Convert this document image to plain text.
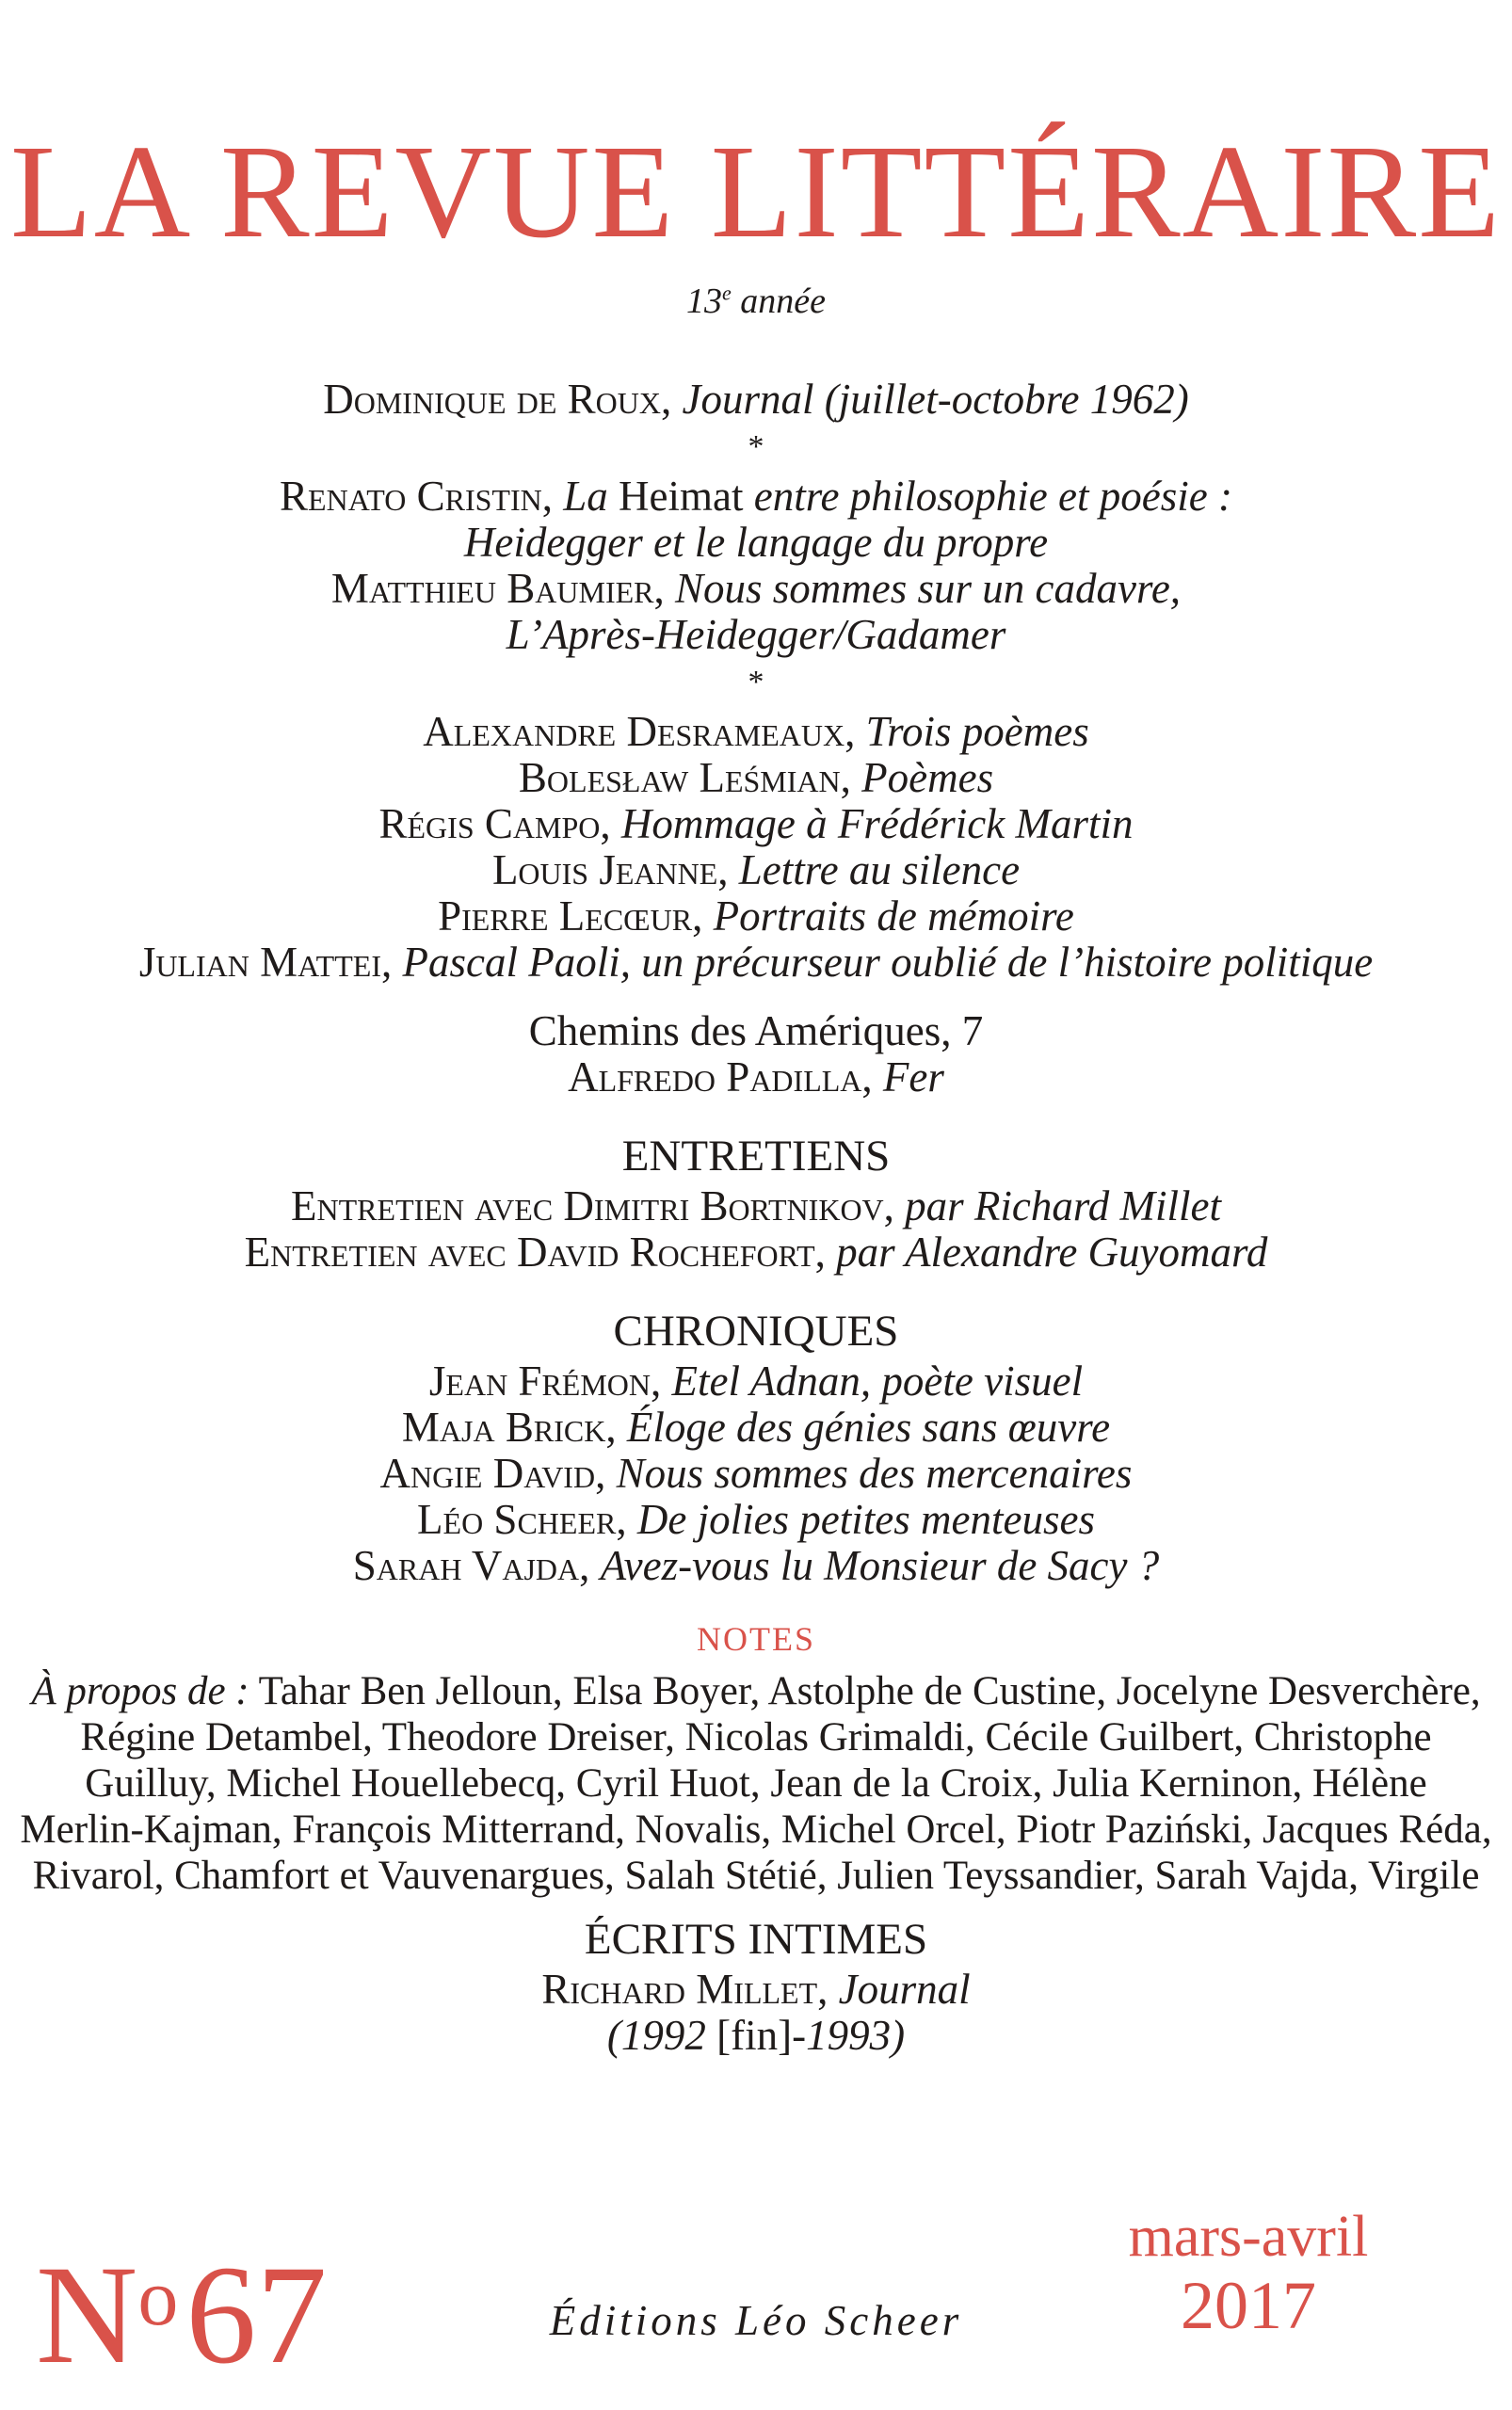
LA REVUE LITTÉRAIRE
13e année

Dominique de Roux, Journal (juillet-octobre 1962)

*

Renato Cristin, La Heimat entre philosophie et poésie :

Heidegger et le langage du propre

Matthieu Baumier, Nous sommes sur un cadavre,

L’Après-Heidegger/Gadamer

*

Alexandre Desrameaux, Trois poèmes

Bolesław Leśmian, Poèmes

Régis Campo, Hommage à Frédérick Martin

Louis Jeanne, Lettre au silence

Pierre Lecœur, Portraits de mémoire

Julian Mattei, Pascal Paoli, un précurseur oublié de l’histoire politique

Chemins des Amériques, 7

Alfredo Padilla, Fer

ENTRETIENS

Entretien avec Dimitri Bortnikov, par Richard Millet

Entretien avec David Rochefort, par Alexandre Guyomard

CHRONIQUES

Jean Frémon, Etel Adnan, poète visuel

Maja Brick, Éloge des génies sans œuvre

Angie David, Nous sommes des mercenaires

Léo Scheer, De jolies petites menteuses

Sarah Vajda, Avez-vous lu Monsieur de Sacy ?

NOTES

À propos de : Tahar Ben Jelloun, Elsa Boyer, Astolphe de Custine, Jocelyne Desverchère, Régine Detambel, Theodore Dreiser, Nicolas Grimaldi, Cécile Guilbert, Christophe Guilluy, Michel Houellebecq, Cyril Huot, Jean de la Croix, Julia Kerninon, Hélène Merlin-Kajman, François Mitterrand, Novalis, Michel Orcel, Piotr Paziński, Jacques Réda, Rivarol, Chamfort et Vauvenargues, Salah Stétié, Julien Teyssandier, Sarah Vajda, Virgile

ÉCRITS INTIMES

Richard Millet, Journal

(1992 [fin]-1993)

$N^o67$	mars-avril
2017
Éditions Léo Scheer
